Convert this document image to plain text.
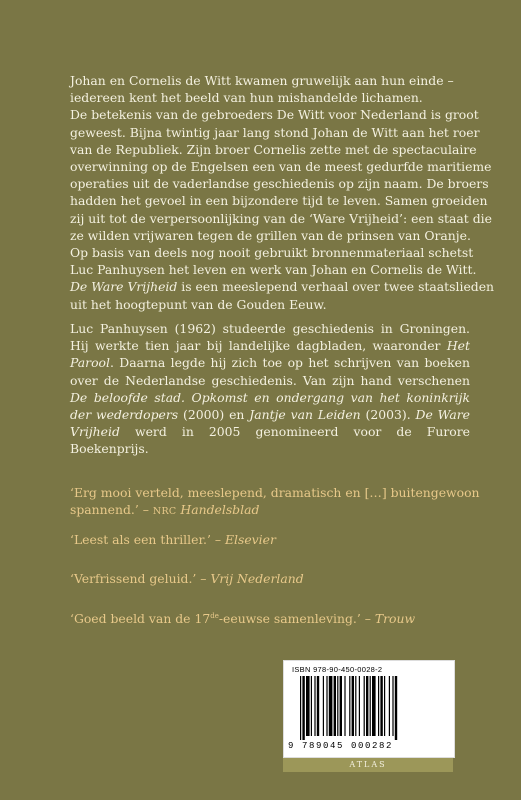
Johan en Cornelis de Witt kwamen gruwelijk aan hun einde –
iedereen kent het beeld van hun mishandelde lichamen.
De betekenis van de gebroeders De Witt voor Nederland is groot
geweest. Bijna twintig jaar lang stond Johan de Witt aan het roer
van de Republiek. Zijn broer Cornelis zette met de spectaculaire
overwinning op de Engelsen een van de meest gedurfde maritieme
operaties uit de vaderlandse geschiedenis op zijn naam. De broers
hadden het gevoel in een bijzondere tijd te leven. Samen groeiden
zij uit tot de verpersoonlijking van de ‘Ware Vrijheid’: een staat die
ze wilden vrijwaren tegen de grillen van de prinsen van Oranje.
Op basis van deels nog nooit gebruikt bronnenmateriaal schetst
Luc Panhuysen het leven en werk van Johan en Cornelis de Witt.
De Ware Vrijheid is een meeslepend verhaal over twee staatslieden
uit het hoogtepunt van de Gouden Eeuw.
Luc Panhuysen (1962) studeerde geschiedenis in Groningen. Hij werkte tien jaar bij landelijke dagbladen, waaronder Het Parool. Daarna legde hij zich toe op het schrijven van boeken over de Nederlandse geschiedenis. Van zijn hand verschenen De beloofde stad. Opkomst en ondergang van het koninkrijk der wederdopers (2000) en Jantje van Leiden (2003). De Ware Vrijheid werd in 2005 genomineerd voor de Furore Boekenprijs.
‘Erg mooi verteld, meeslepend, dramatisch en […] buitengewoon
spannend.’ – NRC Handelsblad
‘Leest als een thriller.’ – Elsevier
‘Verfrissend geluid.’ – Vrij Nederland
‘Goed beeld van de 17de-eeuwse samenleving.’ – Trouw
ISBN 978-90-450-0028-2
9 789045 000282
ATLAS
